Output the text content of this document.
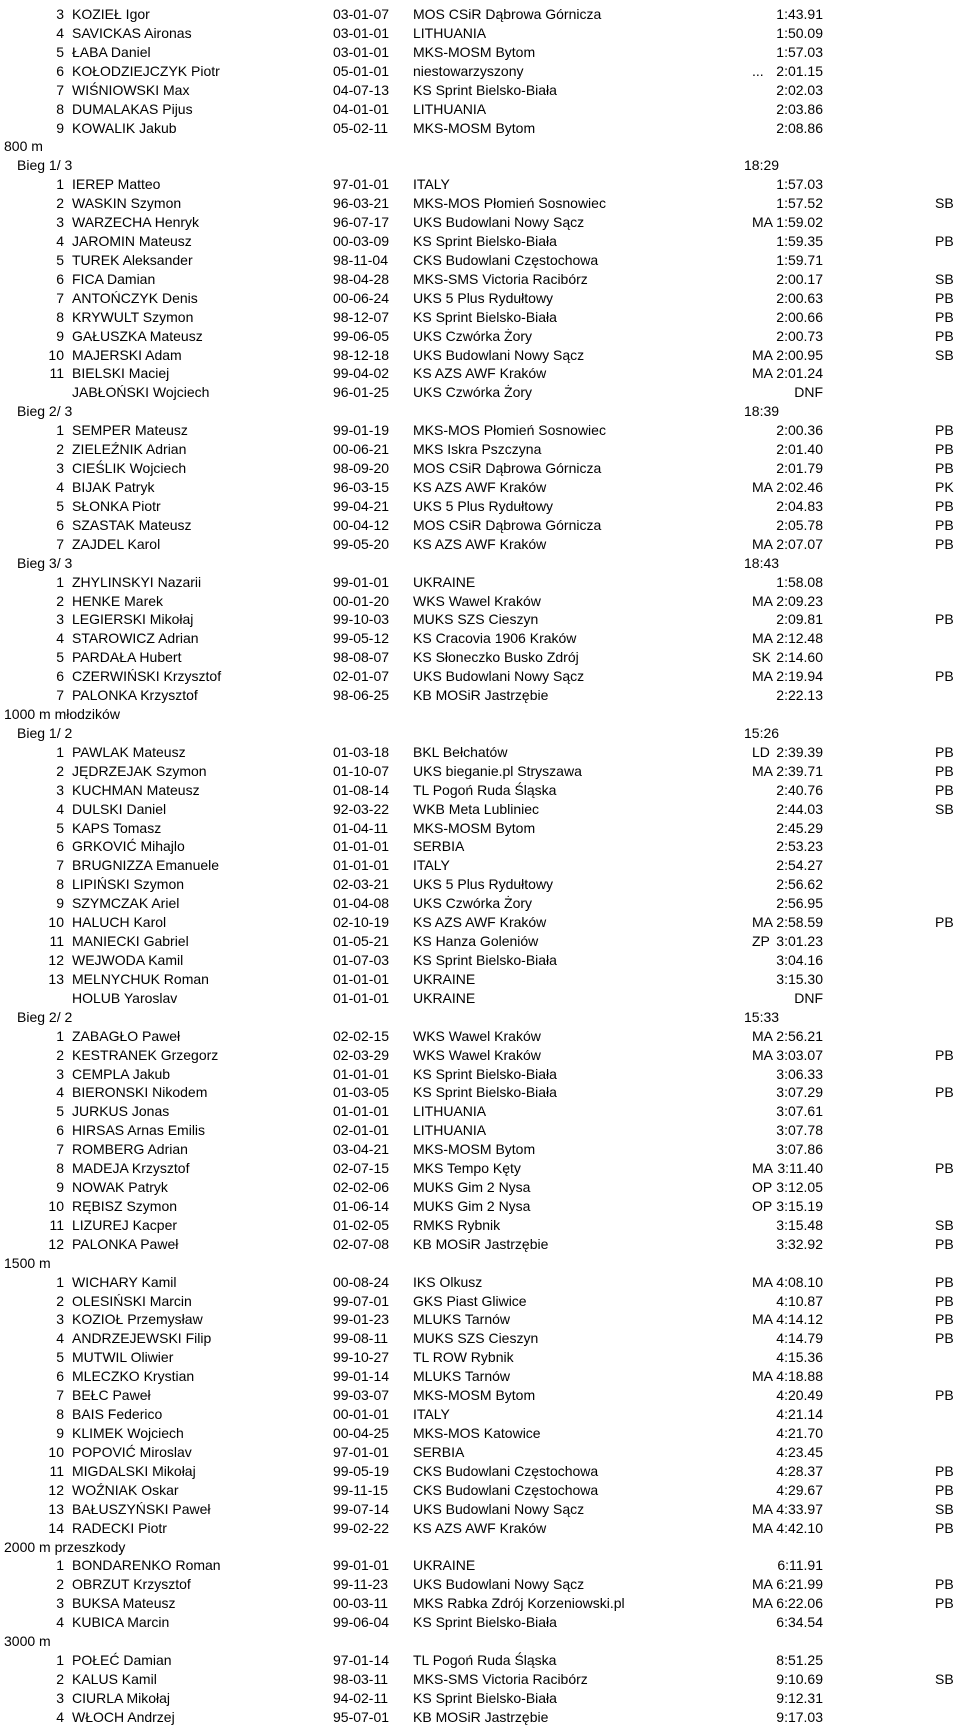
3 KOZIEŁ Igor	03-01-07 MOS CSiR Dąbrowa Górnicza	1:43.91
4 SAVICKAS Aironas	03-01-01 LITHUANIA	1:50.09
5 ŁABA Daniel	03-01-01 MKS-MOSM Bytom	1:57.03
6 KOŁODZIEJCZYK Piotr	05-01-01 niestowarzyszony	... 2:01.15
7 WIŚNIOWSKI Max	04-07-13 KS Sprint Bielsko-Biała	2:02.03
8 DUMALAKAS Pijus	04-01-01 LITHUANIA	2:03.86
9 KOWALIK Jakub	05-02-11 MKS-MOSM Bytom	2:08.86
800 m
Bieg 1/ 3	18:29
1 IEREP Matteo	97-01-01 ITALY	1:57.03
2 WASKIN Szymon	96-03-21 MKS-MOS Płomień Sosnowiec	1:57.52	SB
3 WARZECHA Henryk	96-07-17 UKS Budowlani Nowy Sącz	MA 1:59.02
4 JAROMIN Mateusz	00-03-09 KS Sprint Bielsko-Biała	1:59.35	PB
5 TUREK Aleksander	98-11-04 CKS Budowlani Częstochowa	1:59.71
6 FICA Damian	98-04-28 MKS-SMS Victoria Racibórz	2:00.17	SB
7 ANTOŃCZYK Denis	00-06-24 UKS 5 Plus Rydułtowy	2:00.63	PB
8 KRYWULT Szymon	98-12-07 KS Sprint Bielsko-Biała	2:00.66	PB
9 GAŁUSZKA Mateusz	99-06-05 UKS Czwórka Żory	2:00.73	PB
10 MAJERSKI Adam	98-12-18 UKS Budowlani Nowy Sącz	MA 2:00.95	SB
11 BIELSKI Maciej	99-04-02 KS AZS AWF Kraków	MA 2:01.24
JABŁOŃSKI Wojciech	96-01-25 UKS Czwórka Żory	DNF
Bieg 2/ 3	18:39
1 SEMPER Mateusz	99-01-19 MKS-MOS Płomień Sosnowiec	2:00.36	PB
2 ZIELEŹNIK Adrian	00-06-21 MKS Iskra Pszczyna	2:01.40	PB
3 CIEŚLIK Wojciech	98-09-20 MOS CSiR Dąbrowa Górnicza	2:01.79	PB
4 BIJAK Patryk	96-03-15 KS AZS AWF Kraków	MA 2:02.46	PK
5 SŁONKA Piotr	99-04-21 UKS 5 Plus Rydułtowy	2:04.83	PB
6 SZASTAK Mateusz	00-04-12 MOS CSiR Dąbrowa Górnicza	2:05.78	PB
7 ZAJDEL Karol	99-05-20 KS AZS AWF Kraków	MA 2:07.07	PB
Bieg 3/ 3	18:43
1 ZHYLINSKYI Nazarii	99-01-01 UKRAINE	1:58.08
2 HENKE Marek	00-01-20 WKS Wawel Kraków	MA 2:09.23
3 LEGIERSKI Mikołaj	99-10-03 MUKS SZS Cieszyn	2:09.81	PB
4 STAROWICZ Adrian	99-05-12 KS Cracovia 1906 Kraków	MA 2:12.48
5 PARDAŁA Hubert	98-08-07 KS Słoneczko Busko Zdrój	SK 2:14.60
6 CZERWIŃSKI Krzysztof	02-01-07 UKS Budowlani Nowy Sącz	MA 2:19.94	PB
7 PALONKA Krzysztof	98-06-25 KB MOSiR Jastrzębie	2:22.13
1000 m młodzików
Bieg 1/ 2	15:26
1 PAWLAK Mateusz	01-03-18 BKL Bełchatów	LD 2:39.39	PB
2 JĘDRZEJAK Szymon	01-10-07 UKS bieganie.pl Stryszawa	MA 2:39.71	PB
3 KUCHMAN Mateusz	01-08-14 TL Pogoń Ruda Śląska	2:40.76	PB
4 DULSKI Daniel	92-03-22 WKB Meta Lubliniec	2:44.03	SB
5 KAPS Tomasz	01-04-11 MKS-MOSM Bytom	2:45.29
6 GRKOVIĆ Mihajlo	01-01-01 SERBIA	2:53.23
7 BRUGNIZZA Emanuele	01-01-01 ITALY	2:54.27
8 LIPIŃSKI Szymon	02-03-21 UKS 5 Plus Rydułtowy	2:56.62
9 SZYMCZAK Ariel	01-04-08 UKS Czwórka Żory	2:56.95
10 HALUCH Karol	02-10-19 KS AZS AWF Kraków	MA 2:58.59	PB
11 MANIECKI Gabriel	01-05-21 KS Hanza Goleniów	ZP 3:01.23
12 WEJWODA Kamil	01-07-03 KS Sprint Bielsko-Biała	3:04.16
13 MELNYCHUK Roman	01-01-01 UKRAINE	3:15.30
HOLUB Yaroslav	01-01-01 UKRAINE	DNF
Bieg 2/ 2	15:33
1 ZABAGŁO Paweł	02-02-15 WKS Wawel Kraków	MA 2:56.21
2 KESTRANEK Grzegorz	02-03-29 WKS Wawel Kraków	MA 3:03.07	PB
3 CEMPLA Jakub	01-01-01 KS Sprint Bielsko-Biała	3:06.33
4 BIERONSKI Nikodem	01-03-05 KS Sprint Bielsko-Biała	3:07.29	PB
5 JURKUS Jonas	01-01-01 LITHUANIA	3:07.61
6 HIRSAS Arnas Emilis	02-01-01 LITHUANIA	3:07.78
7 ROMBERG Adrian	03-04-21 MKS-MOSM Bytom	3:07.86
8 MADEJA Krzysztof	02-07-15 MKS Tempo Kęty	MA 3:11.40	PB
9 NOWAK Patryk	02-02-06 MUKS Gim 2 Nysa	OP 3:12.05
10 RĘBISZ Szymon	01-06-14 MUKS Gim 2 Nysa	OP 3:15.19
11 LIZUREJ Kacper	01-02-05 RMKS Rybnik	3:15.48	SB
12 PALONKA Paweł	02-07-08 KB MOSiR Jastrzębie	3:32.92	PB
1500 m
1 WICHARY Kamil	00-08-24 IKS Olkusz	MA 4:08.10	PB
2 OLESIŃSKI Marcin	99-07-01 GKS Piast Gliwice	4:10.87	PB
3 KOZIOŁ Przemysław	99-01-23 MLUKS Tarnów	MA 4:14.12	PB
4 ANDRZEJEWSKI Filip	99-08-11 MUKS SZS Cieszyn	4:14.79	PB
5 MUTWIL Oliwier	99-10-27 TL ROW Rybnik	4:15.36
6 MLECZKO Krystian	99-01-14 MLUKS Tarnów	MA 4:18.88
7 BEŁC Paweł	99-03-07 MKS-MOSM Bytom	4:20.49	PB
8 BAIS Federico	00-01-01 ITALY	4:21.14
9 KLIMEK Wojciech	00-04-25 MKS-MOS Katowice	4:21.70
10 POPOVIĆ Miroslav	97-01-01 SERBIA	4:23.45
11 MIGDALSKI Mikołaj	99-05-19 CKS Budowlani Częstochowa	4:28.37	PB
12 WOŹNIAK Oskar	99-11-15 CKS Budowlani Częstochowa	4:29.67	PB
13 BAŁUSZYŃSKI Paweł	99-07-14 UKS Budowlani Nowy Sącz	MA 4:33.97	SB
14 RADECKI Piotr	99-02-22 KS AZS AWF Kraków	MA 4:42.10	PB
2000 m przeszkody
1 BONDARENKO Roman	99-01-01 UKRAINE	6:11.91
2 OBRZUT Krzysztof	99-11-23 UKS Budowlani Nowy Sącz	MA 6:21.99	PB
3 BUKSA Mateusz	00-03-11 MKS Rabka Zdrój Korzeniowski.pl	MA 6:22.06	PB
4 KUBICA Marcin	99-06-04 KS Sprint Bielsko-Biała	6:34.54
3000 m
1 POŁEĆ Damian	97-01-14 TL Pogoń Ruda Śląska	8:51.25
2 KALUS Kamil	98-03-11 MKS-SMS Victoria Racibórz	9:10.69	SB
3 CIURLA Mikołaj	94-02-11 KS Sprint Bielsko-Biała	9:12.31
4 WŁOCH Andrzej	95-07-01 KB MOSiR Jastrzębie	9:17.03
